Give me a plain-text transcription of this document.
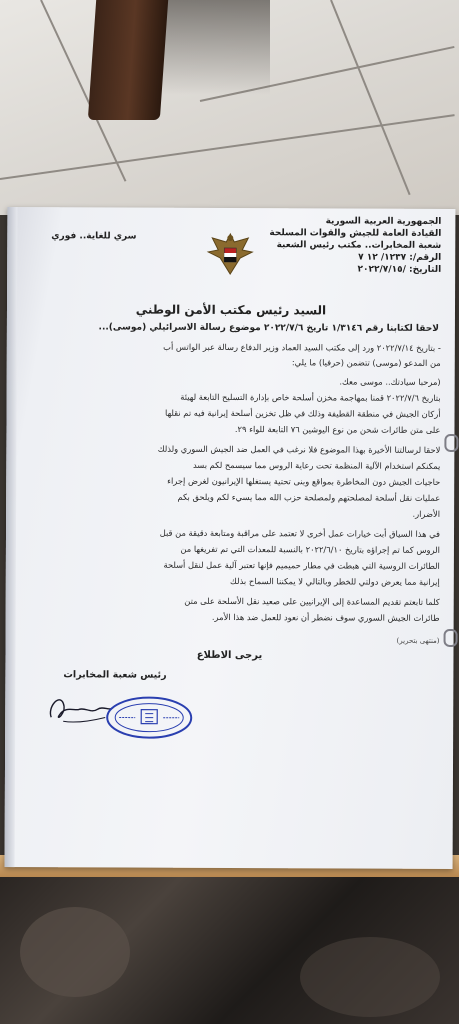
الجمهورية العربية السورية
القيادة العامة للجيش والقوات المسلحة
شعبة المخابرات.. مكتب رئيس الشعبة
الرقم/: ١٢٣٧/ ١٢ ٧
التاريخ: /٢٠٢٢/٧/١٥
سري للغاية.. فوري
السيد رئيس مكتب الأمن الوطني
لاحقا لكتابنا رقم ١/٣١٤٦ تاريخ ٢٠٢٢/٧/٦ موضوع رسالة الاسرائيلي (موسى)...
- بتاريخ ٢٠٢٢/٧/١٤ ورد إلى مكتب السيد العماد وزير الدفاع رسالة عبر الواتس أب
من المدعو (موسى) تتضمن (حرفيا) ما يلي:
(مرحبا سيادتك.. موسى معك.
بتاريخ ٢٠٢٢/٧/٦ قمنا بمهاجمة مخزن أسلحة خاص بإدارة التسليح التابعة لهيئة
أركان الجيش في منطقة القطيفة وذلك في ظل تخزين أسلحة إيرانية فيه تم نقلها
على متن طائرات شحن من نوع اليوشين ٧٦ التابعة للواء ٢٩.
لاحقا لرسالتنا الأخيرة بهذا الموضوع فلا نرغب في العمل ضد الجيش السوري ولذلك
يمكنكم استخدام الآلية المنظمة تحت رعاية الروس مما سيسمح لكم بسد
حاجيات الجيش دون المخاطرة بمواقع وبنى تحتية يستغلها الإيرانيون لغرض إجراء
عمليات نقل أسلحة لمصلحتهم ولمصلحة حزب الله مما يسيء لكم ويلحق بكم
الأضرار.
في هذا السياق أبت خيارات عمل أخرى لا تعتمد على مراقبة ومتابعة دقيقة من قبل
الروس كما تم إجراؤه بتاريخ ٢٠٢٢/٦/١٠ بالنسبة للمعدات التي تم تفريغها من
الطائرات الروسية التي هبطت في مطار حميميم فإنها تعتبر آلية عمل لنقل أسلحة
إيرانية مما يعرض دولتي للخطر وبالتالي لا يمكننا السماح بذلك
كلما تابعتم تقديم المساعدة إلى الإيرانيين على صعيد نقل الأسلحة على متن
طائرات الجيش السوري سوف نضطر أن نعود للعمل ضد هذا الأمر.
(منتهى بتحرير)
يرجى الاطلاع
رئيس شعبة المخابرات
